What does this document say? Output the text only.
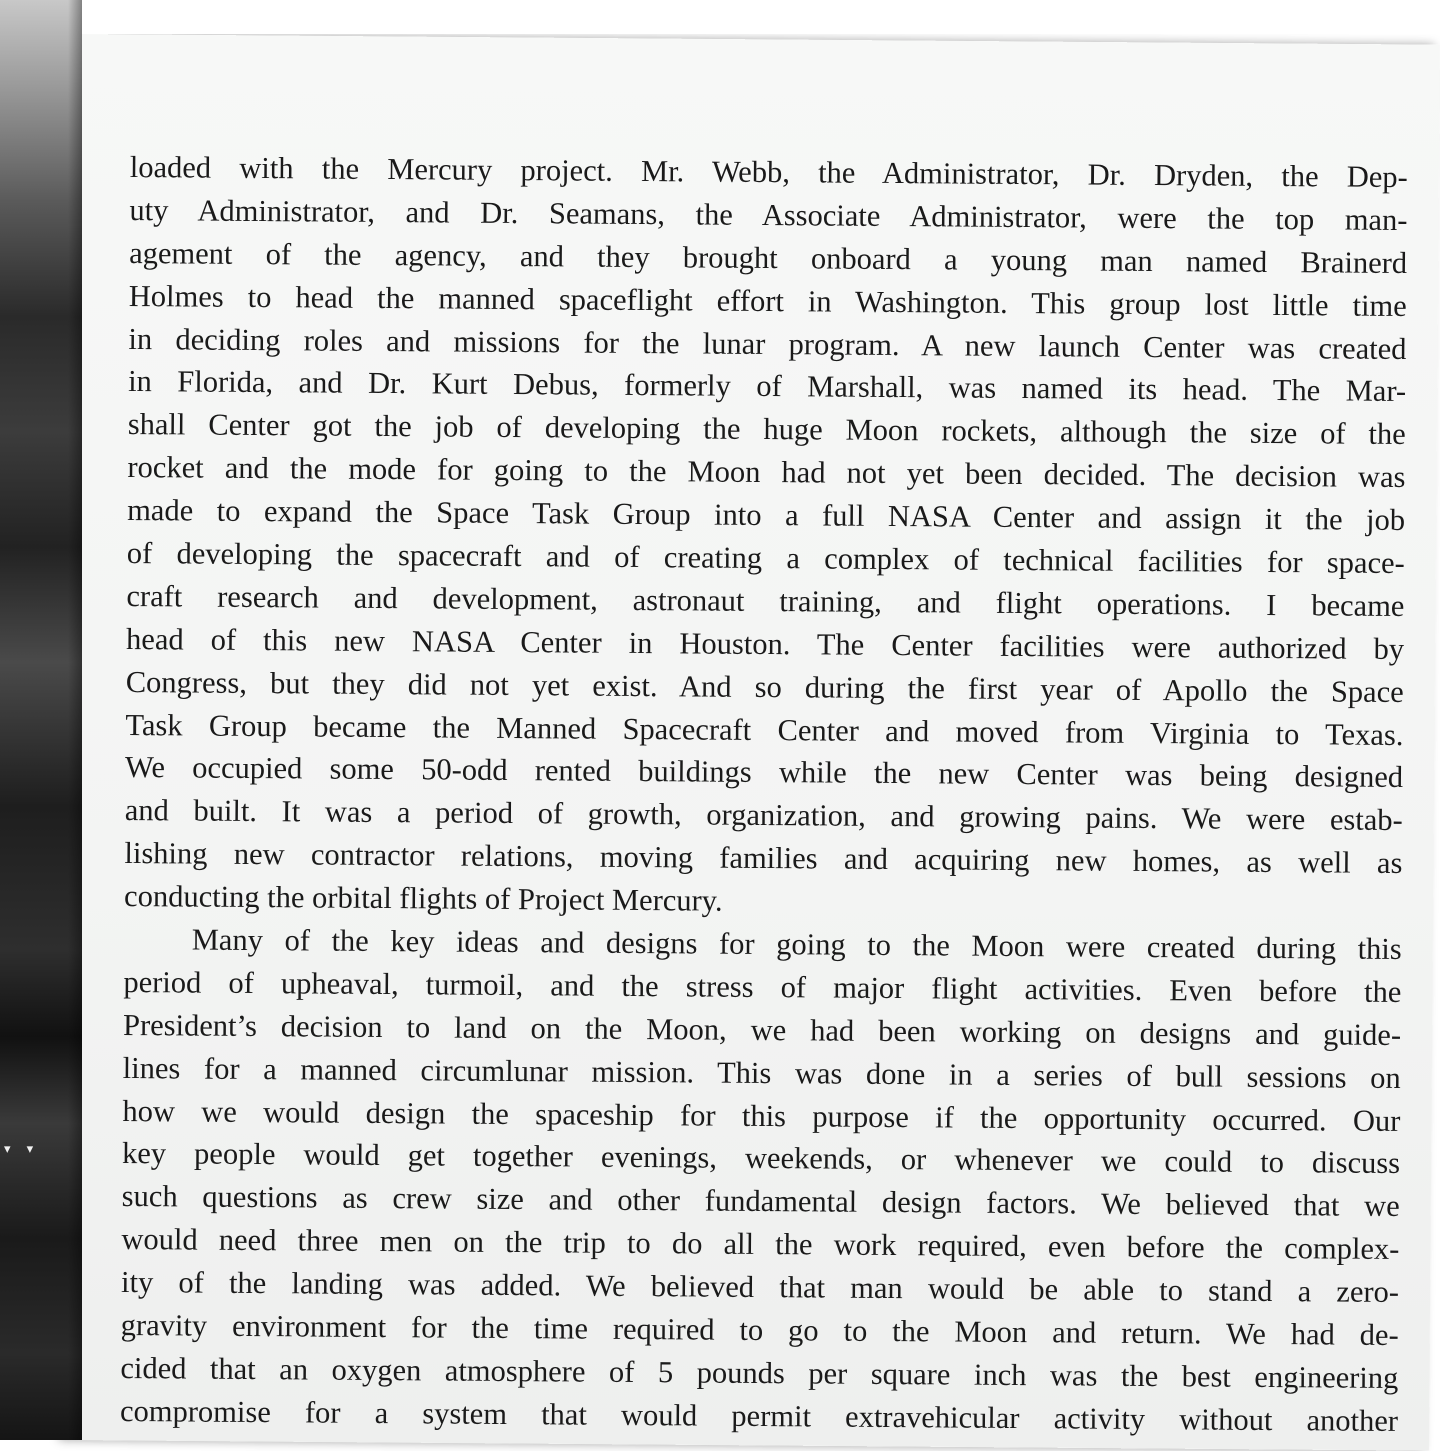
▾ ▾
loaded with the Mercury project. Mr. Webb, the Administrator, Dr. Dryden, the Dep-
uty Administrator, and Dr. Seamans, the Associate Administrator, were the top man-
agement of the agency, and they brought onboard a young man named Brainerd
Holmes to head the manned spaceflight effort in Washington. This group lost little time
in deciding roles and missions for the lunar program. A new launch Center was created
in Florida, and Dr. Kurt Debus, formerly of Marshall, was named its head. The Mar-
shall Center got the job of developing the huge Moon rockets, although the size of the
rocket and the mode for going to the Moon had not yet been decided. The decision was
made to expand the Space Task Group into a full NASA Center and assign it the job
of developing the spacecraft and of creating a complex of technical facilities for space-
craft research and development, astronaut training, and flight operations. I became
head of this new NASA Center in Houston. The Center facilities were authorized by
Congress, but they did not yet exist. And so during the first year of Apollo the Space
Task Group became the Manned Spacecraft Center and moved from Virginia to Texas.
We occupied some 50-odd rented buildings while the new Center was being designed
and built. It was a period of growth, organization, and growing pains. We were estab-
lishing new contractor relations, moving families and acquiring new homes, as well as
conducting the orbital flights of Project Mercury.
Many of the key ideas and designs for going to the Moon were created during this
period of upheaval, turmoil, and the stress of major flight activities. Even before the
President’s decision to land on the Moon, we had been working on designs and guide-
lines for a manned circumlunar mission. This was done in a series of bull sessions on
how we would design the spaceship for this purpose if the opportunity occurred. Our
key people would get together evenings, weekends, or whenever we could to discuss
such questions as crew size and other fundamental design factors. We believed that we
would need three men on the trip to do all the work required, even before the complex-
ity of the landing was added. We believed that man would be able to stand a zero-
gravity environment for the time required to go to the Moon and return. We had de-
cided that an oxygen atmosphere of 5 pounds per square inch was the best engineering
compromise for a system that would permit extravehicular activity without another
